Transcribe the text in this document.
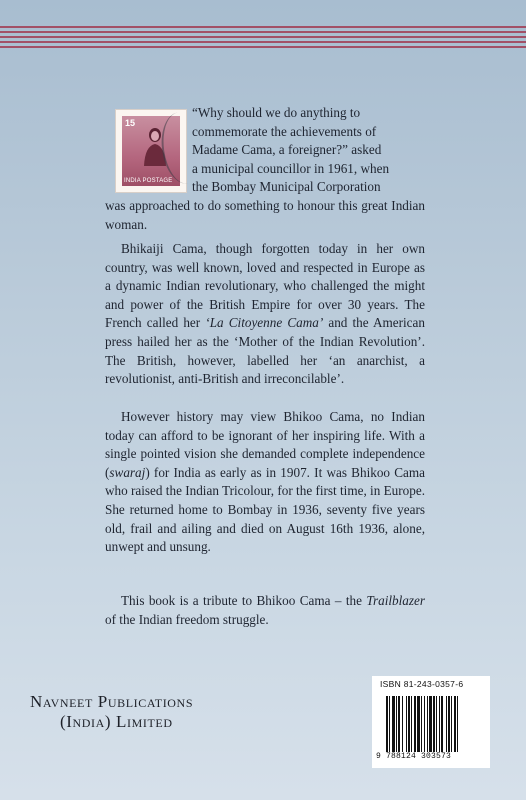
15
INDIA POSTAGE
“Why should we do anything to
commemorate the achievements of
Madame Cama, a foreigner?” asked
a municipal councillor in 1961, when
the Bombay Municipal Corporation
was approached to do something to honour this great Indian woman.
Bhikaiji Cama, though forgotten today in her own country, was well known, loved and respected in Europe as a dynamic Indian revolutionary, who challenged the might and power of the British Empire for over 30 years. The French called her ‘La Citoyenne Cama’ and the American press hailed her as the ‘Mother of the Indian Revolution’. The British, however, labelled her ‘an anarchist, a revolutionist, anti-British and irreconcilable’.
However history may view Bhikoo Cama, no Indian today can afford to be ignorant of her inspiring life. With a single pointed vision she demanded complete independence (swaraj) for India as early as in 1907. It was Bhikoo Cama who raised the Indian Tricolour, for the first time, in Europe. She returned home to Bombay in 1936, seventy five years old, frail and ailing and died on August 16th 1936, alone, unwept and unsung.
This book is a tribute to Bhikoo Cama – the Trailblazer of the Indian freedom struggle.
Navneet Publications
(India) Limited
ISBN 81-243-0357-6
9 788124 303573
